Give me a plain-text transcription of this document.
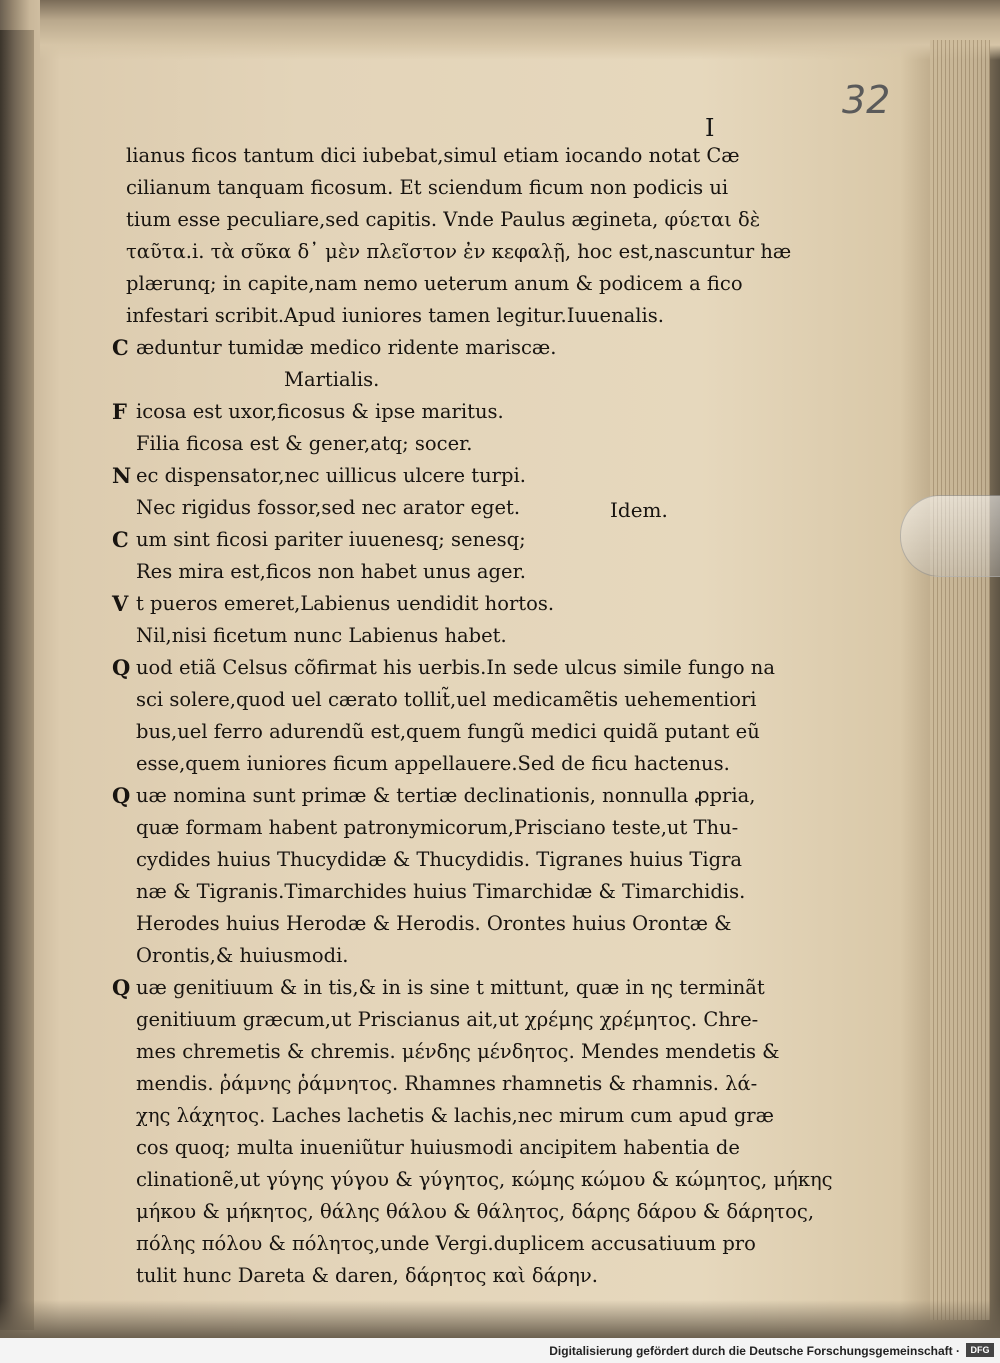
32
I
lianus ficos tantum dici iubebat,simul etiam iocando notat Cæ
cilianum tanquam ficosum. Et sciendum ficum non podicis ui
tium esse peculiare,sed capitis. Vnde Paulus ægineta, φύεται δὲ
ταῦτα.i. τὰ σῦκα δ᾽ μὲν πλεῖστον ἐν κεφαλῇ, hoc est,nascuntur hæ
plærunq; in capite,nam nemo ueterum anum & podicem a fico
infestari scribit.Apud iuniores tamen legitur.Iuuenalis.
C æduntur tumidæ medico ridente mariscæ.
Martialis.
F icosa est uxor,ficosus & ipse maritus.
Filia ficosa est & gener,atq; socer.
N ec dispensator,nec uillicus ulcere turpi.
Nec rigidus fossor,sed nec arator eget.
C um sint ficosi pariter iuuenesq; senesq;
Res mira est,ficos non habet unus ager.
V t pueros emeret,Labienus uendidit hortos.
Nil,nisi ficetum nunc Labienus habet.
Q uod etiã Celsus cõfirmat his uerbis.In sede ulcus simile fungo na
sci solere,quod uel cærato tollit̃,uel medicamẽtis uehementiori
bus,uel ferro adurendũ est,quem fungũ medici quidã putant eũ
esse,quem iuniores ficum appellauere.Sed de ficu hactenus.
Q uæ nomina sunt primæ & tertiæ declinationis, nonnulla ꝓpria,
quæ formam habent patronymicorum,Prisciano teste,ut Thu-
cydides huius Thucydidæ & Thucydidis. Tigranes huius Tigra
næ & Tigranis.Timarchides huius Timarchidæ & Timarchidis.
Herodes huius Herodæ & Herodis. Orontes huius Orontæ &
Orontis,& huiusmodi.
Q uæ genitiuum & in tis,& in is sine t mittunt, quæ in ης terminãt
genitiuum græcum,ut Priscianus ait,ut χρέμης χρέμητος. Chre-
mes chremetis & chremis. μένδης μένδητος. Mendes mendetis &
mendis. ῥάμνης ῥάμνητος. Rhamnes rhamnetis & rhamnis. λά-
χης λάχητος. Laches lachetis & lachis,nec mirum cum apud græ
cos quoq; multa inueniũtur huiusmodi ancipitem habentia de
clinationẽ,ut γύγης γύγου & γύγητος, κώμης κώμου & κώμητος, μήκης
μήκου & μήκητος, θάλης θάλου & θάλητος, δάρης δάρου & δάρητος,
πόλης πόλου & πόλητος,unde Vergi.duplicem accusatiuum pro
tulit hunc Dareta & daren, δάρητος καὶ δάρην.
Idem.
Digitalisierung gefördert durch die Deutsche Forschungsgemeinschaft ·	DFG
